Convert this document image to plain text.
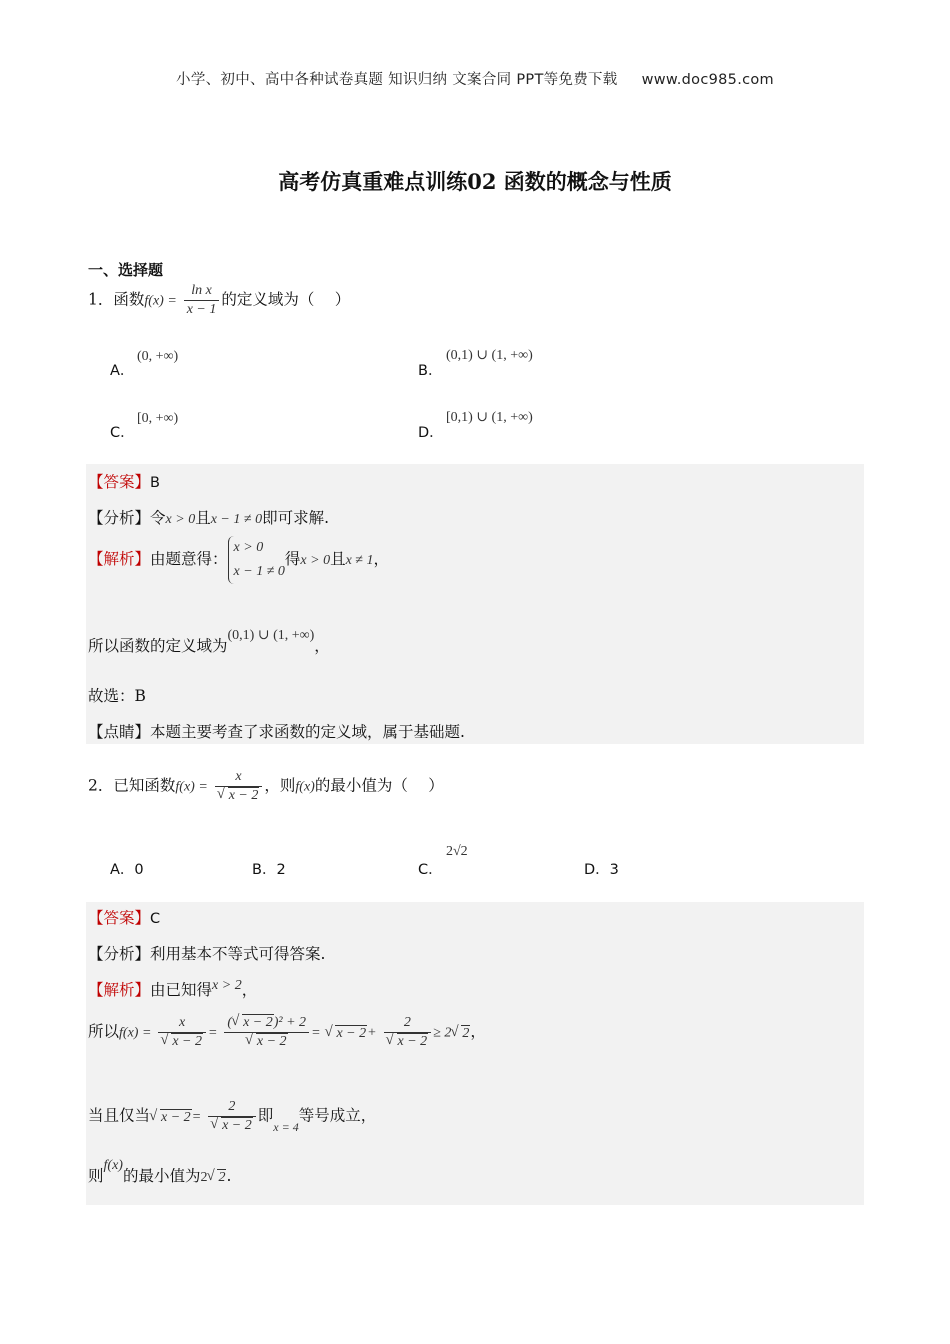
小学、初中、高中各种试卷真题 知识归纳 文案合同 PPT等免费下载 www.doc985.com
高考仿真重难点训练02 函数的概念与性质
一、选择题
1．函数$f(x) = \frac{\text{ln x}}{x - 1}$ 的定义域为（　 ）
A．
(0, +∞)
B．
(0,1) ∪ (1, +∞)
C．
[0, +∞)
D．
[0,1) ∪ (1, +∞)
【答案】B
【分析】令x > 0且x − 1 ≠ 0即可求解.
【解析】由题意得：
x > 0
x − 1 ≠ 0
得x > 0且x ≠ 1，
所以函数的定义域为(0,1) ∪ (1, +∞)，
故选：B
【点睛】本题主要考查了求函数的定义域，属于基础题.
2．已知函数f(x) = x
√ x − 2 ，则f(x)的最小值为（　 ）
A．0	B．2	C．
2√2
D．3
【答案】C
【分析】利用基本不等式可得答案.
【解析】由已知得x > 2，
所以f(x) = x
√ x − 2 = ( √ x − 2)² + 2
√ x − 2 = √ x − 2+ 2
√ x − 2 ≥ 2 √ 2，
当且仅当 √ x − 2= 2
√ x − 2 即$_{x = 4}$等号成立，
则f(x)的最小值为2 √ 2.
